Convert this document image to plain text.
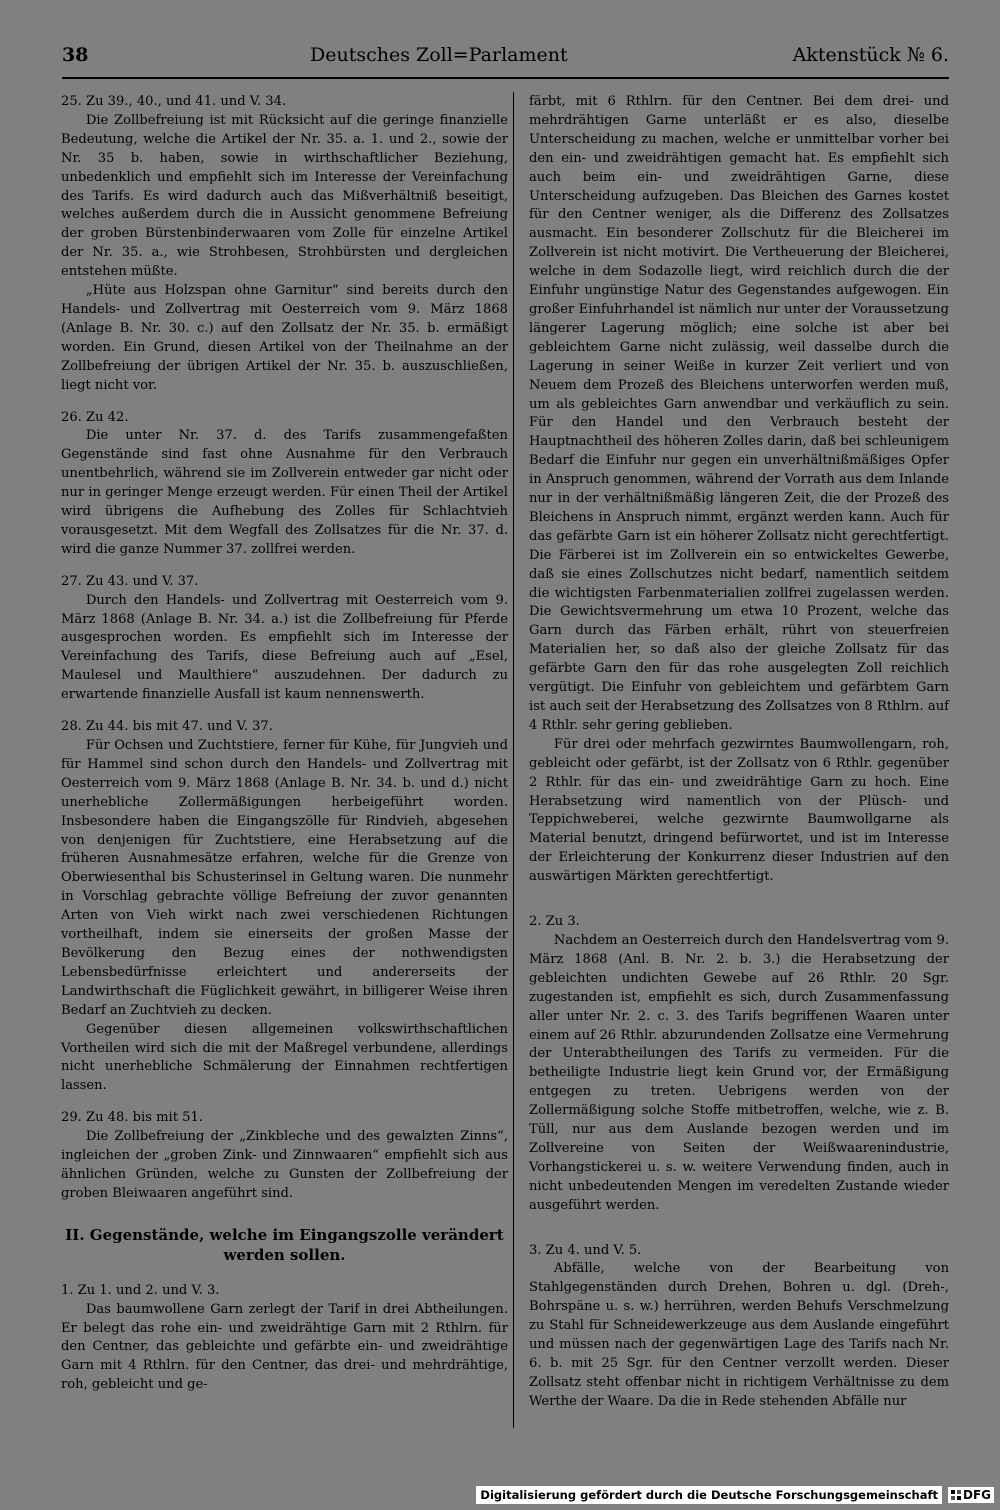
38	Deutsches Zoll=Parlament	Aktenstück № 6.

25. Zu 39., 40., und 41. und V. 34.

Die Zollbefreiung ist mit Rücksicht auf die geringe finanzielle Bedeutung, welche die Artikel der Nr. 35. a. 1. und 2., sowie der Nr. 35 b. haben, sowie in wirthschaftlicher Beziehung, unbedenklich und empfiehlt sich im Interesse der Vereinfachung des Tarifs. Es wird dadurch auch das Mißverhältniß beseitigt, welches außerdem durch die in Aussicht genommene Befreiung der groben Bürstenbinderwaaren vom Zolle für einzelne Artikel der Nr. 35. a., wie Strohbesen, Strohbürsten und dergleichen entstehen müßte.

„Hüte aus Holzspan ohne Garnitur“ sind bereits durch den Handels- und Zollvertrag mit Oesterreich vom 9. März 1868 (Anlage B. Nr. 30. c.) auf den Zollsatz der Nr. 35. b. ermäßigt worden. Ein Grund, diesen Artikel von der Theilnahme an der Zollbefreiung der übrigen Artikel der Nr. 35. b. auszuschließen, liegt nicht vor.

26. Zu 42.

Die unter Nr. 37. d. des Tarifs zusammengefaßten Gegenstände sind fast ohne Ausnahme für den Verbrauch unentbehrlich, während sie im Zollverein entweder gar nicht oder nur in geringer Menge erzeugt werden. Für einen Theil der Artikel wird übrigens die Aufhebung des Zolles für Schlachtvieh vorausgesetzt. Mit dem Wegfall des Zollsatzes für die Nr. 37. d. wird die ganze Nummer 37. zollfrei werden.

27. Zu 43. und V. 37.

Durch den Handels- und Zollvertrag mit Oesterreich vom 9. März 1868 (Anlage B. Nr. 34. a.) ist die Zollbefreiung für Pferde ausgesprochen worden. Es empfiehlt sich im Interesse der Vereinfachung des Tarifs, diese Befreiung auch auf „Esel, Maulesel und Maulthiere“ auszudehnen. Der dadurch zu erwartende finanzielle Ausfall ist kaum nennenswerth.

28. Zu 44. bis mit 47. und V. 37.

Für Ochsen und Zuchtstiere, ferner für Kühe, für Jungvieh und für Hammel sind schon durch den Handels- und Zollvertrag mit Oesterreich vom 9. März 1868 (Anlage B. Nr. 34. b. und d.) nicht unerhebliche Zollermäßigungen herbeigeführt worden. Insbesondere haben die Eingangszölle für Rindvieh, abgesehen von denjenigen für Zuchtstiere, eine Herabsetzung auf die früheren Ausnahmesätze erfahren, welche für die Grenze von Oberwiesenthal bis Schusterinsel in Geltung waren. Die nunmehr in Vorschlag gebrachte völlige Befreiung der zuvor genannten Arten von Vieh wirkt nach zwei verschiedenen Richtungen vortheilhaft, indem sie einerseits der großen Masse der Bevölkerung den Bezug eines der nothwendigsten Lebensbedürfnisse erleichtert und andererseits der Landwirthschaft die Füglichkeit gewährt, in billigerer Weise ihren Bedarf an Zuchtvieh zu decken.

Gegenüber diesen allgemeinen volkswirthschaftlichen Vortheilen wird sich die mit der Maßregel verbundene, allerdings nicht unerhebliche Schmälerung der Einnahmen rechtfertigen lassen.

29. Zu 48. bis mit 51.

Die Zollbefreiung der „Zinkbleche und des gewalzten Zinns“, ingleichen der „groben Zink- und Zinnwaaren“ empfiehlt sich aus ähnlichen Gründen, welche zu Gunsten der Zollbefreiung der groben Bleiwaaren angeführt sind.

II. Gegenstände, welche im Eingangszolle verändert werden sollen.

1. Zu 1. und 2. und V. 3.

Das baumwollene Garn zerlegt der Tarif in drei Abtheilungen. Er belegt das rohe ein- und zweidrähtige Garn mit 2 Rthlrn. für den Centner, das gebleichte und gefärbte ein- und zweidrähtige Garn mit 4 Rthlrn. für den Centner, das drei- und mehrdrähtige, roh, gebleicht und ge-

färbt, mit 6 Rthlrn. für den Centner. Bei dem drei- und mehrdrähtigen Garne unterläßt er es also, dieselbe Unterscheidung zu machen, welche er unmittelbar vorher bei den ein- und zweidrähtigen gemacht hat. Es empfiehlt sich auch beim ein- und zweidrähtigen Garne, diese Unterscheidung aufzugeben. Das Bleichen des Garnes kostet für den Centner weniger, als die Differenz des Zollsatzes ausmacht. Ein besonderer Zollschutz für die Bleicherei im Zollverein ist nicht motivirt. Die Vertheuerung der Bleicherei, welche in dem Sodazolle liegt, wird reichlich durch die der Einfuhr ungünstige Natur des Gegenstandes aufgewogen. Ein großer Einfuhrhandel ist nämlich nur unter der Voraussetzung längerer Lagerung möglich; eine solche ist aber bei gebleichtem Garne nicht zulässig, weil dasselbe durch die Lagerung in seiner Weiße in kurzer Zeit verliert und von Neuem dem Prozeß des Bleichens unterworfen werden muß, um als gebleichtes Garn anwendbar und verkäuflich zu sein. Für den Handel und den Verbrauch besteht der Hauptnachtheil des höheren Zolles darin, daß bei schleunigem Bedarf die Einfuhr nur gegen ein unverhältnißmäßiges Opfer in Anspruch genommen, während der Vorrath aus dem Inlande nur in der verhältnißmäßig längeren Zeit, die der Prozeß des Bleichens in Anspruch nimmt, ergänzt werden kann. Auch für das gefärbte Garn ist ein höherer Zollsatz nicht gerechtfertigt. Die Färberei ist im Zollverein ein so entwickeltes Gewerbe, daß sie eines Zollschutzes nicht bedarf, namentlich seitdem die wichtigsten Farbenmaterialien zollfrei zugelassen werden. Die Gewichtsvermehrung um etwa 10 Prozent, welche das Garn durch das Färben erhält, rührt von steuerfreien Materialien her, so daß also der gleiche Zollsatz für das gefärbte Garn den für das rohe ausgelegten Zoll reichlich vergütigt. Die Einfuhr von gebleichtem und gefärbtem Garn ist auch seit der Herabsetzung des Zollsatzes von 8 Rthlrn. auf 4 Rthlr. sehr gering geblieben.

Für drei oder mehrfach gezwirntes Baumwollengarn, roh, gebleicht oder gefärbt, ist der Zollsatz von 6 Rthlr. gegenüber 2 Rthlr. für das ein- und zweidrähtige Garn zu hoch. Eine Herabsetzung wird namentlich von der Plüsch- und Teppichweberei, welche gezwirnte Baumwollgarne als Material benutzt, dringend befürwortet, und ist im Interesse der Erleichterung der Konkurrenz dieser Industrien auf den auswärtigen Märkten gerechtfertigt.

2. Zu 3.

Nachdem an Oesterreich durch den Handelsvertrag vom 9. März 1868 (Anl. B. Nr. 2. b. 3.) die Herabsetzung der gebleichten undichten Gewebe auf 26 Rthlr. 20 Sgr. zugestanden ist, empfiehlt es sich, durch Zusammenfassung aller unter Nr. 2. c. 3. des Tarifs begriffenen Waaren unter einem auf 26 Rthlr. abzurundenden Zollsatze eine Vermehrung der Unterabtheilungen des Tarifs zu vermeiden. Für die betheiligte Industrie liegt kein Grund vor, der Ermäßigung entgegen zu treten. Uebrigens werden von der Zollermäßigung solche Stoffe mitbetroffen, welche, wie z. B. Tüll, nur aus dem Auslande bezogen werden und im Zollvereine von Seiten der Weißwaarenindustrie, Vorhangstickerei u. s. w. weitere Verwendung finden, auch in nicht unbedeutenden Mengen im veredelten Zustande wieder ausgeführt werden.

3. Zu 4. und V. 5.

Abfälle, welche von der Bearbeitung von Stahlgegenständen durch Drehen, Bohren u. dgl. (Dreh-, Bohrspäne u. s. w.) herrühren, werden Behufs Verschmelzung zu Stahl für Schneidewerkzeuge aus dem Auslande eingeführt und müssen nach der gegenwärtigen Lage des Tarifs nach Nr. 6. b. mit 25 Sgr. für den Centner verzollt werden. Dieser Zollsatz steht offenbar nicht in richtigem Verhältnisse zu dem Werthe der Waare. Da die in Rede stehenden Abfälle nur

Digitalisierung gefördert durch die Deutsche Forschungsgemeinschaft	DFG
